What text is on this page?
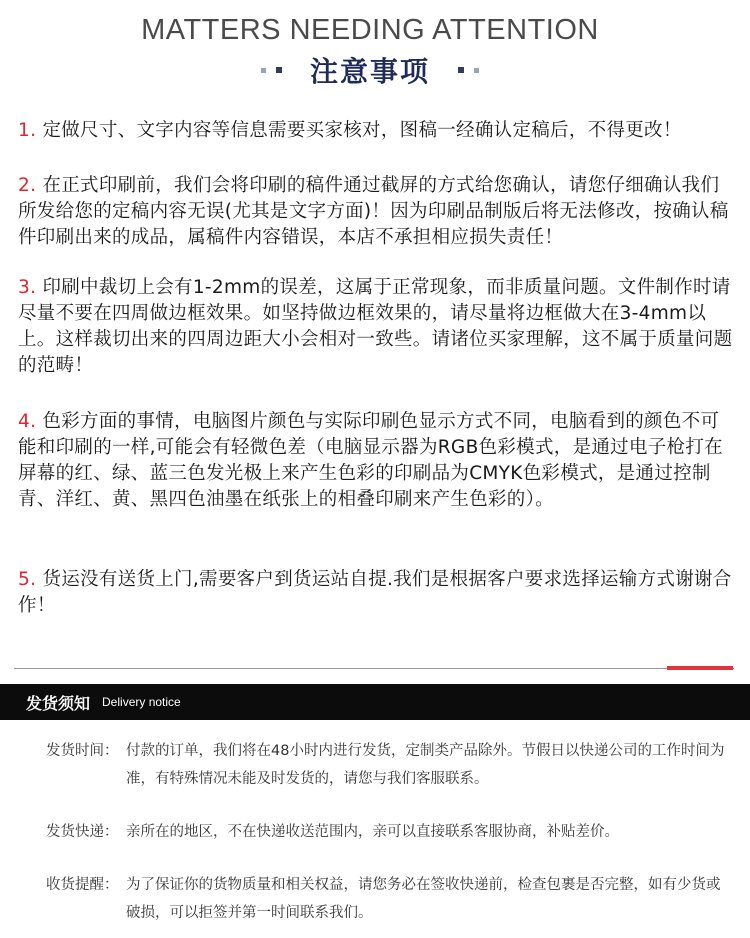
MATTERS NEEDING ATTENTION
注意事项

1. 定做尺寸、文字内容等信息需要买家核对，图稿一经确认定稿后，不得更改！

2. 在正式印刷前，我们会将印刷的稿件通过截屏的方式给您确认，请您仔细确认我们所发给您的定稿内容无误(尤其是文字方面)！因为印刷品制版后将无法修改，按确认稿件印刷出来的成品，属稿件内容错误，本店不承担相应损失责任！

3. 印刷中裁切上会有1-2mm的误差，这属于正常现象，而非质量问题。文件制作时请尽量不要在四周做边框效果。如坚持做边框效果的，请尽量将边框做大在3-4mm以上。这样裁切出来的四周边距大小会相对一致些。请诸位买家理解，这不属于质量问题的范畴！

4. 色彩方面的事情，电脑图片颜色与实际印刷色显示方式不同，电脑看到的颜色不可能和印刷的一样,可能会有轻微色差（电脑显示器为RGB色彩模式，是通过电子枪打在屏幕的红、绿、蓝三色发光极上来产生色彩的印刷品为CMYK色彩模式，是通过控制青、洋红、黄、黑四色油墨在纸张上的相叠印刷来产生色彩的）。

5. 货运没有送货上门,需要客户到货运站自提.我们是根据客户要求选择运输方式谢谢合作！

发货须知 Delivery notice
发货时间： 付款的订单，我们将在48小时内进行发货，定制类产品除外。节假日以快递公司的工作时间为准，有特殊情况未能及时发货的，请您与我们客服联系。
发货快递： 亲所在的地区，不在快递收送范围内，亲可以直接联系客服协商，补贴差价。
收货提醒： 为了保证你的货物质量和相关权益，请您务必在签收快递前，检查包裹是否完整，如有少货或破损，可以拒签并第一时间联系我们。
